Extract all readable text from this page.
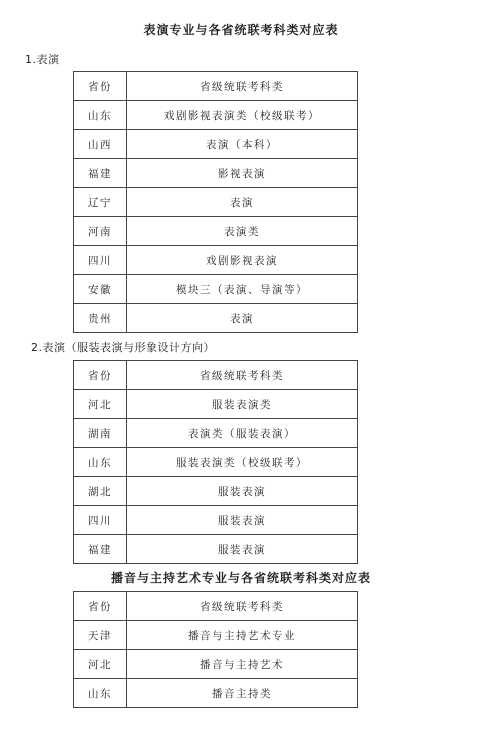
表演专业与各省统联考科类对应表
1.表演
省份	省级统联考科类
山东	戏剧影视表演类（校级联考）
山西	表演（本科）
福建	影视表演
辽宁	表演
河南	表演类
四川	戏剧影视表演
安徽	模块三（表演、导演等）
贵州	表演
2.表演（服装表演与形象设计方向）
省份	省级统联考科类
河北	服装表演类
湖南	表演类（服装表演）
山东	服装表演类（校级联考）
湖北	服装表演
四川	服装表演
福建	服装表演
播音与主持艺术专业与各省统联考科类对应表
省份	省级统联考科类
天津	播音与主持艺术专业
河北	播音与主持艺术
山东	播音主持类
